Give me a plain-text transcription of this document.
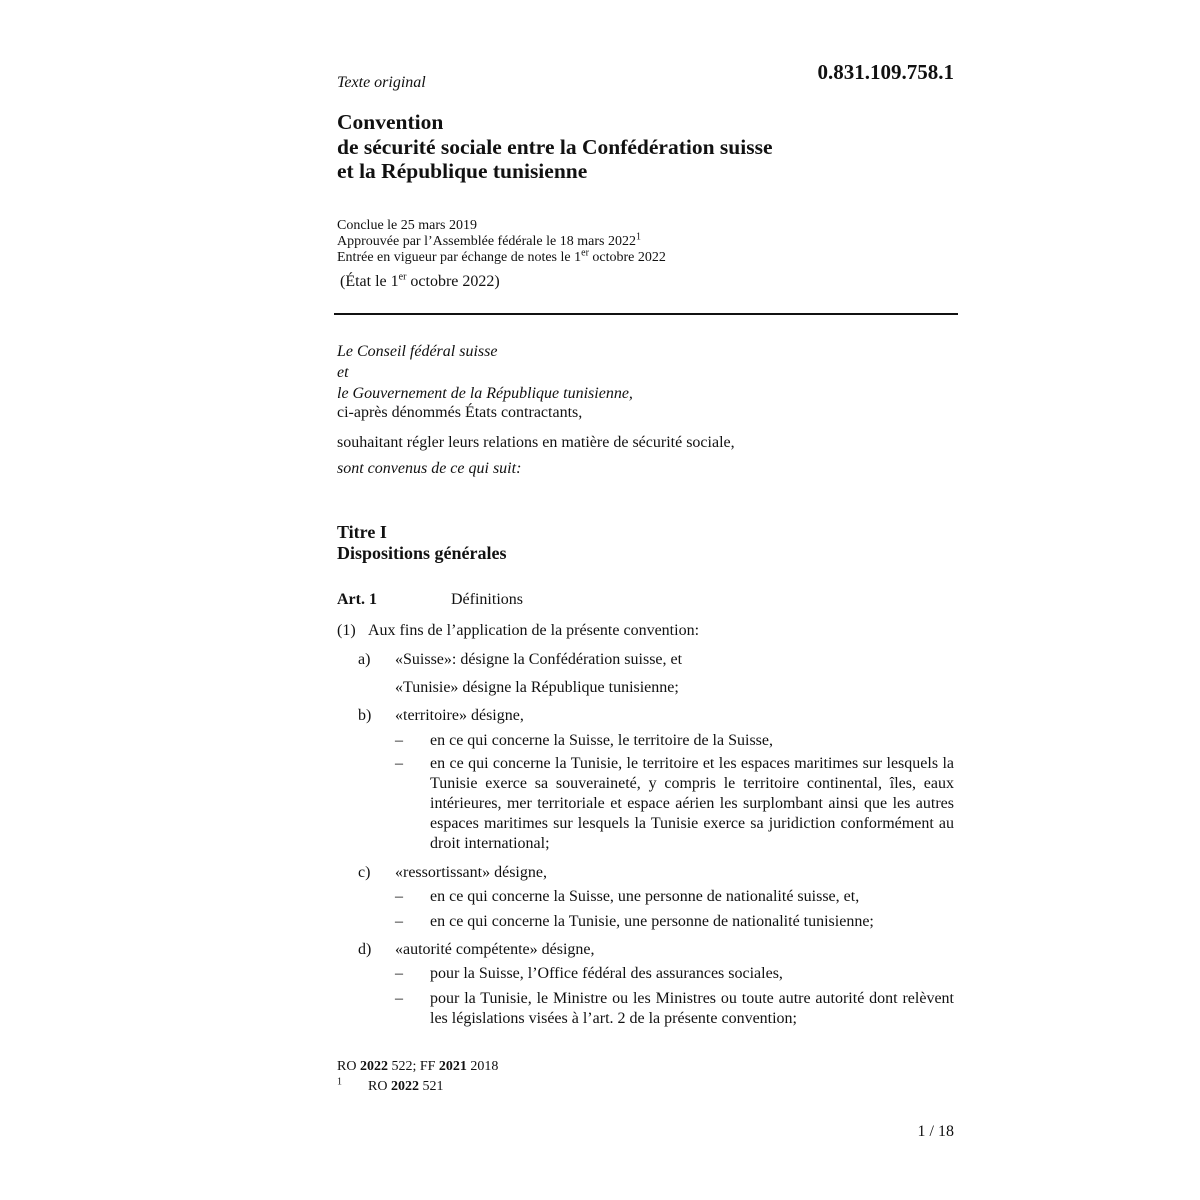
Texte original	0.831.109.758.1
Convention
de sécurité sociale entre la Confédération suisse
et la République tunisienne
Conclue le 25 mars 2019
Approuvée par l’Assemblée fédérale le 18 mars 2022$^1$
Entrée en vigueur par échange de notes le 1er octobre 2022
(État le 1er octobre 2022)
Le Conseil fédéral suisse
et
le Gouvernement de la République tunisienne,
ci-après dénommés États contractants,
souhaitant régler leurs relations en matière de sécurité sociale,
sont convenus de ce qui suit:
Titre I
Dispositions générales
Art. 1	Définitions
(1) Aux fins de l’application de la présente convention:
a) «Suisse»: désigne la Confédération suisse, et
«Tunisie» désigne la République tunisienne;
b) «territoire» désigne,
– en ce qui concerne la Suisse, le territoire de la Suisse,
– en ce qui concerne la Tunisie, le territoire et les espaces maritimes sur lesquels la Tunisie exerce sa souveraineté, y compris le territoire continental, îles, eaux intérieures, mer territoriale et espace aérien les surplombant ainsi que les autres espaces maritimes sur lesquels la Tunisie exerce sa juridiction conformément au droit international;
c) «ressortissant» désigne,
– en ce qui concerne la Suisse, une personne de nationalité suisse, et,
– en ce qui concerne la Tunisie, une personne de nationalité tunisienne;
d) «autorité compétente» désigne,
– pour la Suisse, l’Office fédéral des assurances sociales,
– pour la Tunisie, le Ministre ou les Ministres ou toute autre autorité dont relèvent les législations visées à l’art. 2 de la présente convention;
RO 2022 522; FF 2021 2018
$^1$ RO 2022 521
1 / 18
